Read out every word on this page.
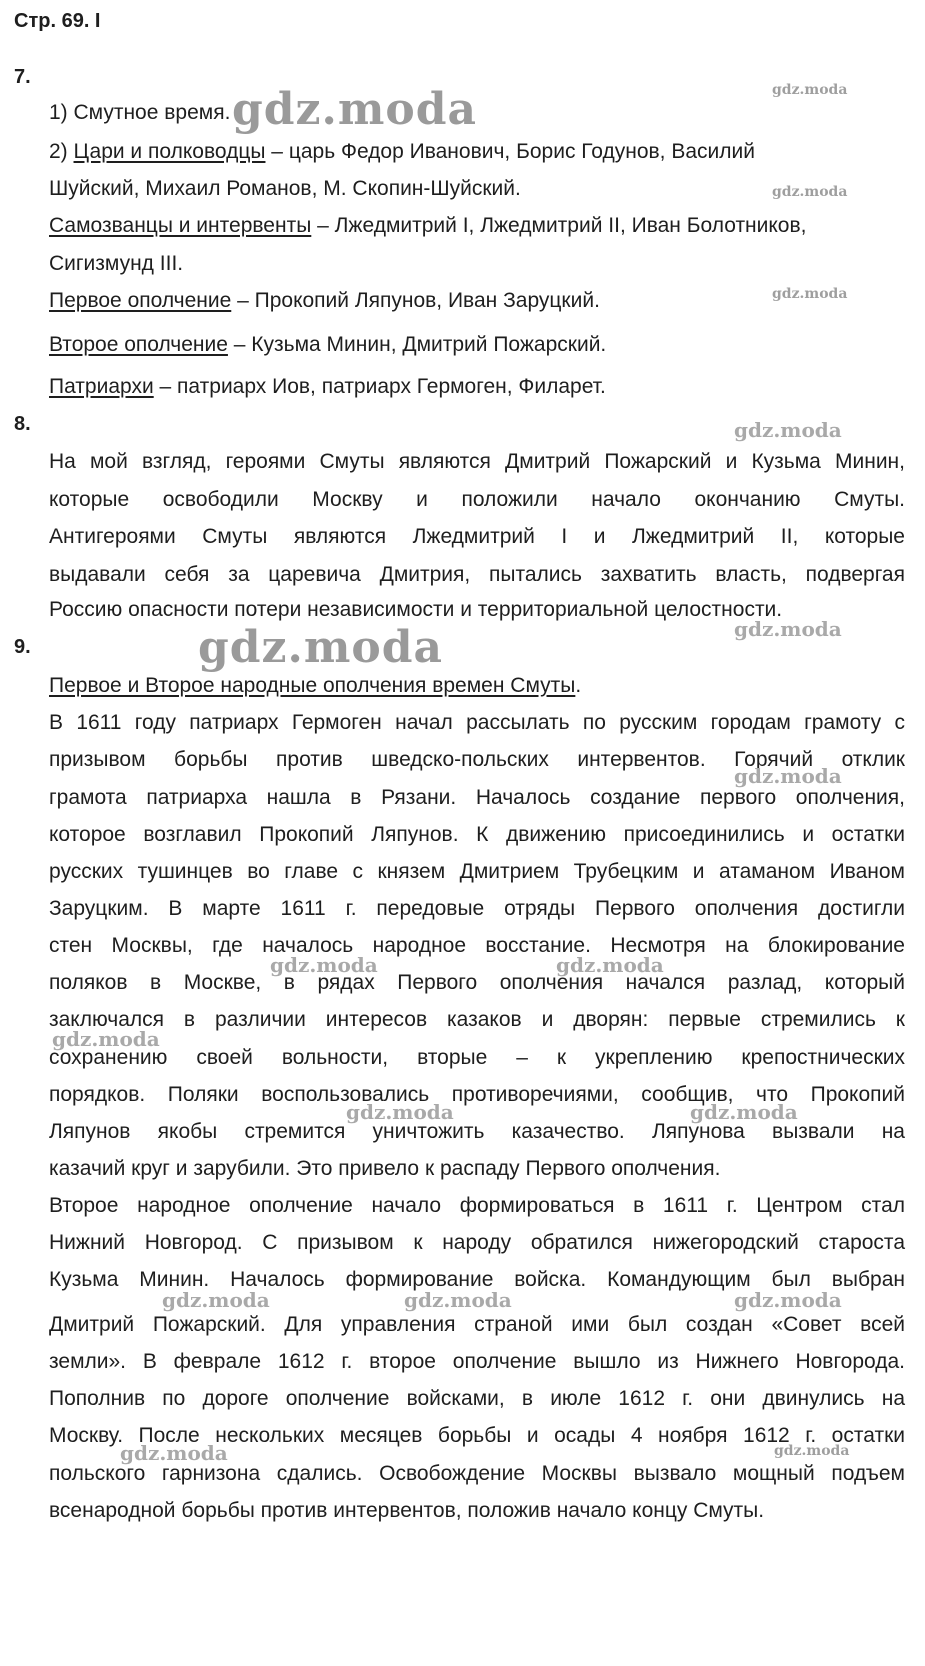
Стр. 69. I
7.
1) Смутное время.
2) Цари и полководцы – царь Федор Иванович, Борис Годунов, Василий
Шуйский, Михаил Романов, М. Скопин-Шуйский.
Самозванцы и интервенты – Лжедмитрий I, Лжедмитрий II, Иван Болотников,
Сигизмунд III.
Первое ополчение – Прокопий Ляпунов, Иван Заруцкий.
Второе ополчение – Кузьма Минин, Дмитрий Пожарский.
Патриархи – патриарх Иов, патриарх Гермоген, Филарет.
8.
На мой взгляд, героями Смуты являются Дмитрий Пожарский и Кузьма Минин,
которые освободили Москву и положили начало окончанию Смуты.
Антигероями Смуты являются Лжедмитрий I и Лжедмитрий II, которые
выдавали себя за царевича Дмитрия, пытались захватить власть, подвергая
Россию опасности потери независимости и территориальной целостности.
9.
Первое и Второе народные ополчения времен Смуты.
В 1611 году патриарх Гермоген начал рассылать по русским городам грамоту с
призывом борьбы против шведско-польских интервентов. Горячий отклик
грамота патриарха нашла в Рязани. Началось создание первого ополчения,
которое возглавил Прокопий Ляпунов. К движению присоединились и остатки
русских тушинцев во главе с князем Дмитрием Трубецким и атаманом Иваном
Заруцким. В марте 1611 г. передовые отряды Первого ополчения достигли
стен Москвы, где началось народное восстание. Несмотря на блокирование
поляков в Москве, в рядах Первого ополчения начался разлад, который
заключался в различии интересов казаков и дворян: первые стремились к
сохранению своей вольности, вторые – к укреплению крепостнических
порядков. Поляки воспользовались противоречиями, сообщив, что Прокопий
Ляпунов якобы стремится уничтожить казачество. Ляпунова вызвали на
казачий круг и зарубили. Это привело к распаду Первого ополчения.
Второе народное ополчение начало формироваться в 1611 г. Центром стал
Нижний Новгород. С призывом к народу обратился нижегородский староста
Кузьма Минин. Началось формирование войска. Командующим был выбран
Дмитрий Пожарский. Для управления страной ими был создан «Совет всей
земли». В феврале 1612 г. второе ополчение вышло из Нижнего Новгорода.
Пополнив по дороге ополчение войсками, в июле 1612 г. они двинулись на
Москву. После нескольких месяцев борьбы и осады 4 ноября 1612 г. остатки
польского гарнизона сдались. Освобождение Москвы вызвало мощный подъем
всенародной борьбы против интервентов, положив начало концу Смуты.
gdz.moda
gdz.moda
gdz.moda
gdz.moda
gdz.moda
gdz.moda
gdz.moda
gdz.moda
gdz.moda	gdz.moda
gdz.moda
gdz.moda	gdz.moda
gdz.moda	gdz.moda	gdz.moda
gdz.moda	gdz.moda
